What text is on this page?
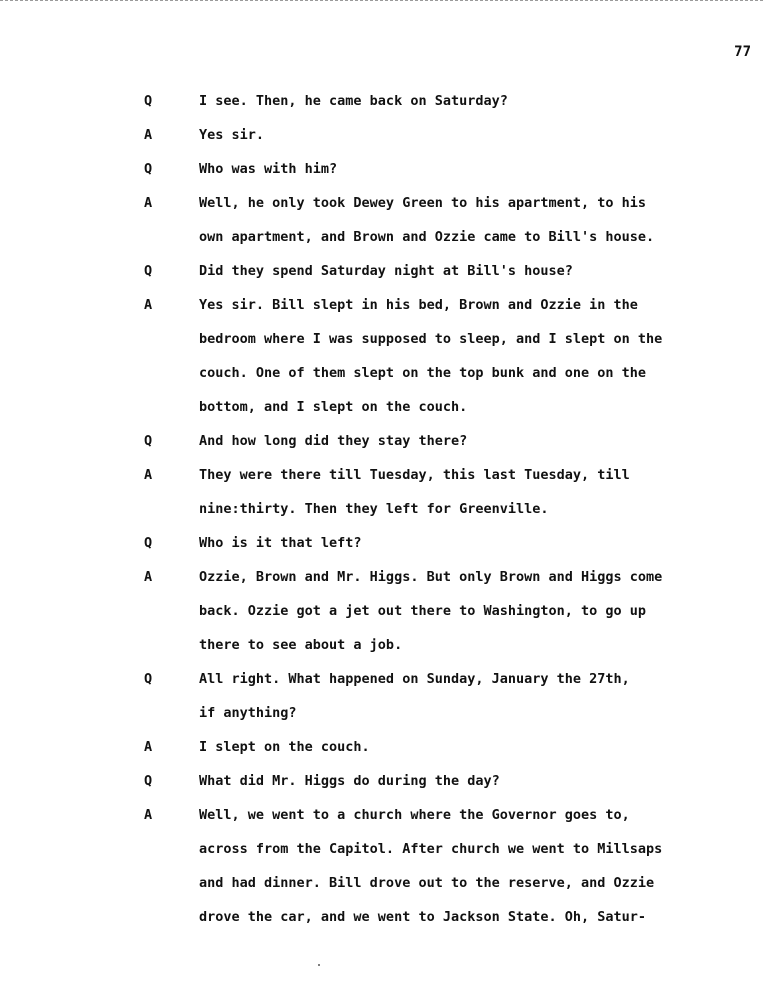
77
Q	I see. Then, he came back on Saturday?
A	Yes sir.
Q	Who was with him?
A	Well, he only took Dewey Green to his apartment, to his
own apartment, and Brown and Ozzie came to Bill's house.
Q	Did they spend Saturday night at Bill's house?
A	Yes sir. Bill slept in his bed, Brown and Ozzie in the
bedroom where I was supposed to sleep, and I slept on the
couch. One of them slept on the top bunk and one on the
bottom, and I slept on the couch.
Q	And how long did they stay there?
A	They were there till Tuesday, this last Tuesday, till
nine:thirty. Then they left for Greenville.
Q	Who is it that left?
A	Ozzie, Brown and Mr. Higgs. But only Brown and Higgs come
back. Ozzie got a jet out there to Washington, to go up
there to see about a job.
Q	All right. What happened on Sunday, January the 27th,
if anything?
A	I slept on the couch.
Q	What did Mr. Higgs do during the day?
A	Well, we went to a church where the Governor goes to,
across from the Capitol. After church we went to Millsaps
and had dinner. Bill drove out to the reserve, and Ozzie
drove the car, and we went to Jackson State. Oh, Satur-
